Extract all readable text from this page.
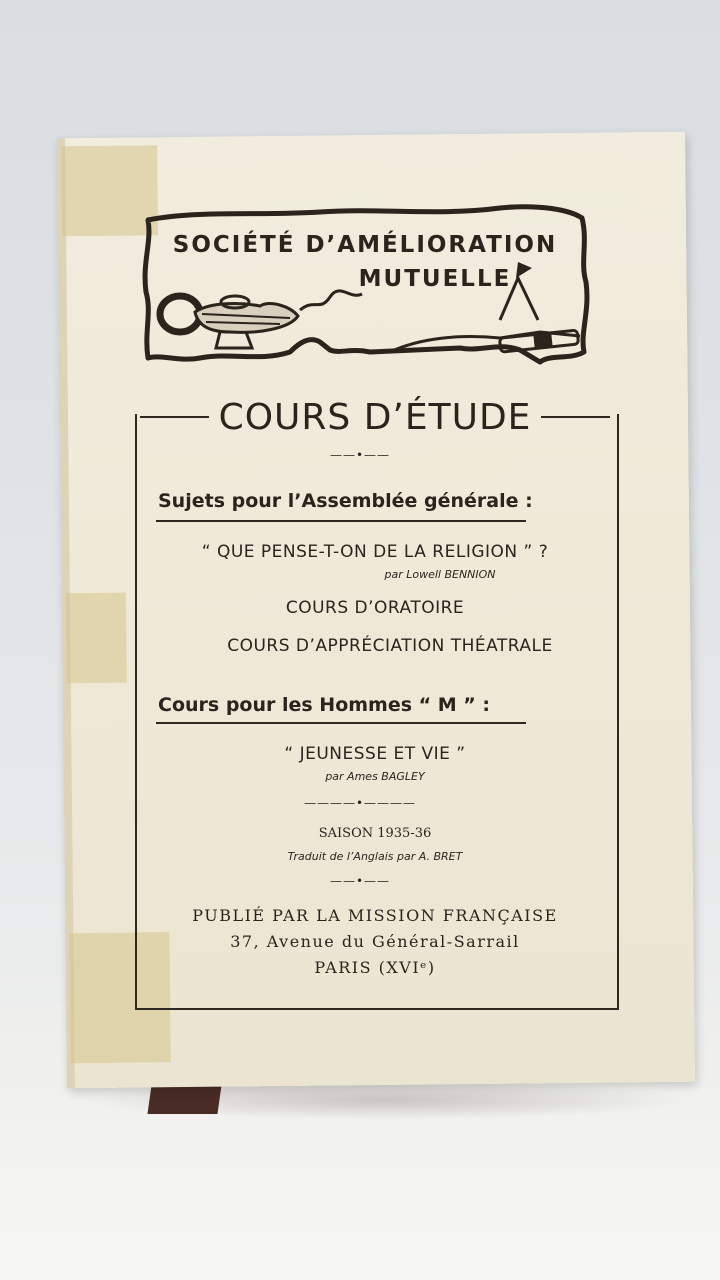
SOCIÉTÉ D’AMÉLIORATION
MUTUELLE
COURS D’ÉTUDE
——•——
Sujets pour l’Assemblée générale :
“ QUE PENSE-T-ON DE LA RELIGION ” ?
par Lowell BENNION
COURS D’ORATOIRE
COURS D’APPRÉCIATION THÉATRALE
Cours pour les Hommes “ M ” :
“ JEUNESSE ET VIE ”
par Ames BAGLEY
————•————
SAISON 1935-36
Traduit de l’Anglais par A. BRET
——•——
PUBLIÉ PAR LA MISSION FRANÇAISE
37, Avenue du Général-Sarrail
PARIS (XVIᵉ)
